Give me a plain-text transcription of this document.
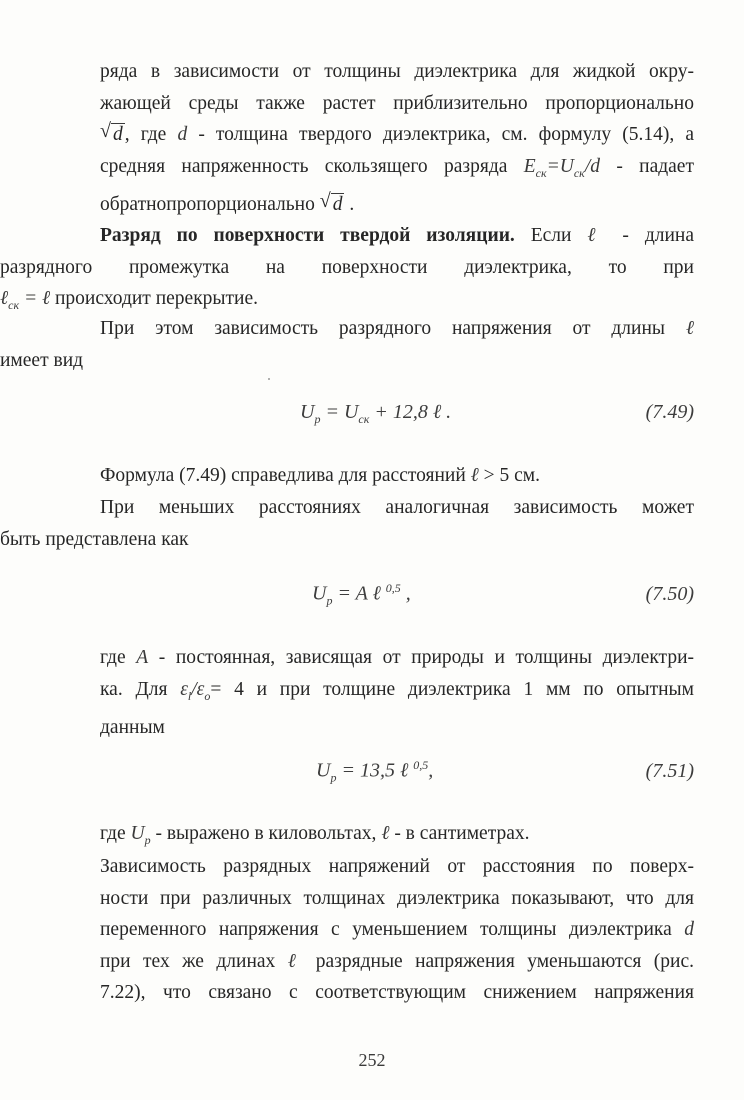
ряда в зависимости от толщины диэлектрика для жидкой окру-

жающей среды также растет приблизительно пропорционально

√ d , где d - толщина твердого диэлектрика, см. формулу (5.14), а

средняя напряженность скользящего разряда $E_{ск}=U_{ск}/d$ - падает

обратнопропорционально √ d .

Разряд по поверхности твердой изоляции. Если ℓ - длина

разрядного промежутка на поверхности диэлектрика, то при

ℓ$_{ск}$ = ℓ происходит перекрытие.

При этом зависимость разрядного напряжения от длины ℓ

имеет вид

$U_p = U_{ск} + 12,8$ ℓ .	(7.49)

Формула (7.49) справедлива для расстояний ℓ > 5 см.

При меньших расстояниях аналогичная зависимость может

быть представлена как

$U_p = A$ ℓ $^{0,5}$ ,	(7.50)

где A - постоянная, зависящая от природы и толщины диэлектри-

ка. Для $\varepsilon_l/\varepsilon_o= 4$ и при толщине диэлектрика 1 мм по опытным

данным

$U_p = 13,5$ ℓ $^{0,5}$,	(7.51)

где $U_p$ - выражено в киловольтах, ℓ - в сантиметрах.

Зависимость разрядных напряжений от расстояния по поверх-

ности при различных толщинах диэлектрика показывают, что для

переменного напряжения с уменьшением толщины диэлектрика d

при тех же длинах ℓ разрядные напряжения уменьшаются (рис.

7.22), что связано с соответствующим снижением напряжения

252
